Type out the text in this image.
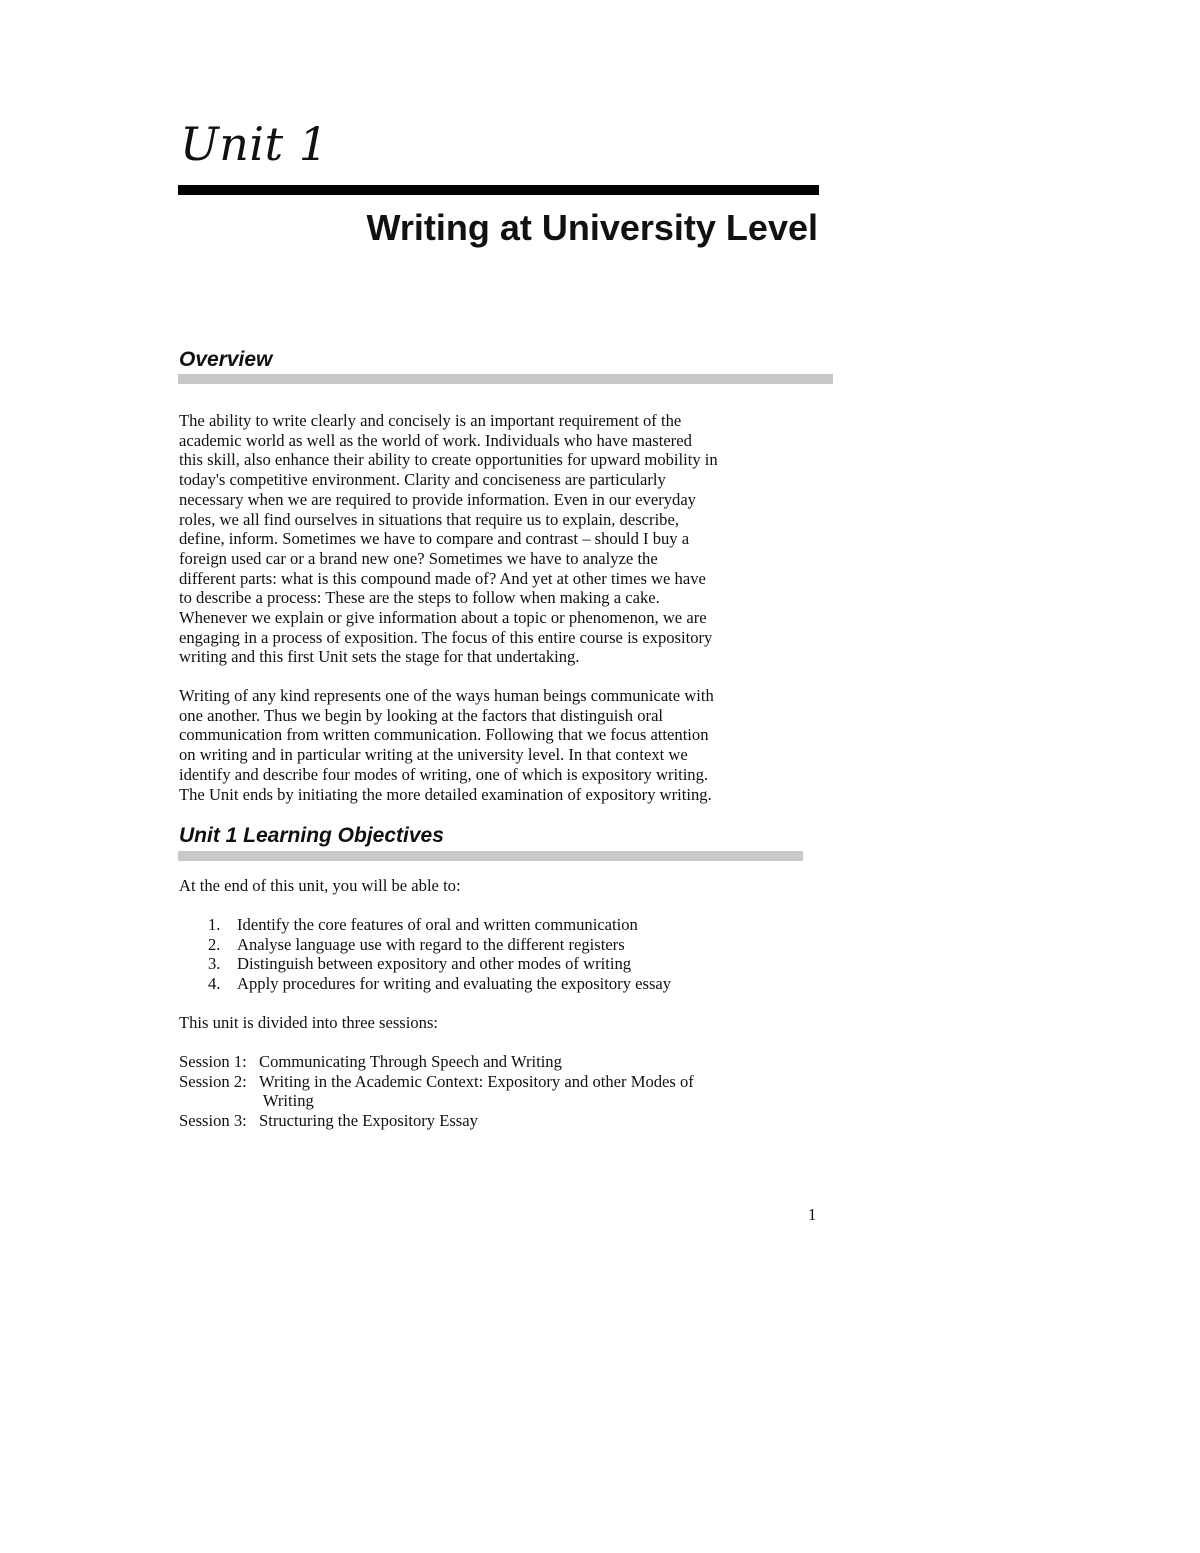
Unit 1
Writing at University Level
Overview

The ability to write clearly and concisely is an important requirement of the
academic world as well as the world of work. Individuals who have mastered
this skill, also enhance their ability to create opportunities for upward mobility in
today's competitive environment. Clarity and conciseness are particularly
necessary when we are required to provide information. Even in our everyday
roles, we all find ourselves in situations that require us to explain, describe,
define, inform. Sometimes we have to compare and contrast – should I buy a
foreign used car or a brand new one? Sometimes we have to analyze the
different parts: what is this compound made of? And yet at other times we have
to describe a process: These are the steps to follow when making a cake.
Whenever we explain or give information about a topic or phenomenon, we are
engaging in a process of exposition. The focus of this entire course is expository
writing and this first Unit sets the stage for that undertaking.

Writing of any kind represents one of the ways human beings communicate with
one another. Thus we begin by looking at the factors that distinguish oral
communication from written communication. Following that we focus attention
on writing and in particular writing at the university level. In that context we
identify and describe four modes of writing, one of which is expository writing.
The Unit ends by initiating the more detailed examination of expository writing.

Unit 1 Learning Objectives

At the end of this unit, you will be able to:

1. Identify the core features of oral and written communication
2. Analyse language use with regard to the different registers
3. Distinguish between expository and other modes of writing
4. Apply procedures for writing and evaluating the expository essay

This unit is divided into three sessions:

Session 1: Communicating Through Speech and Writing
Session 2: Writing in the Academic Context: Expository and other Modes of
Writing
Session 3: Structuring the Expository Essay
1
